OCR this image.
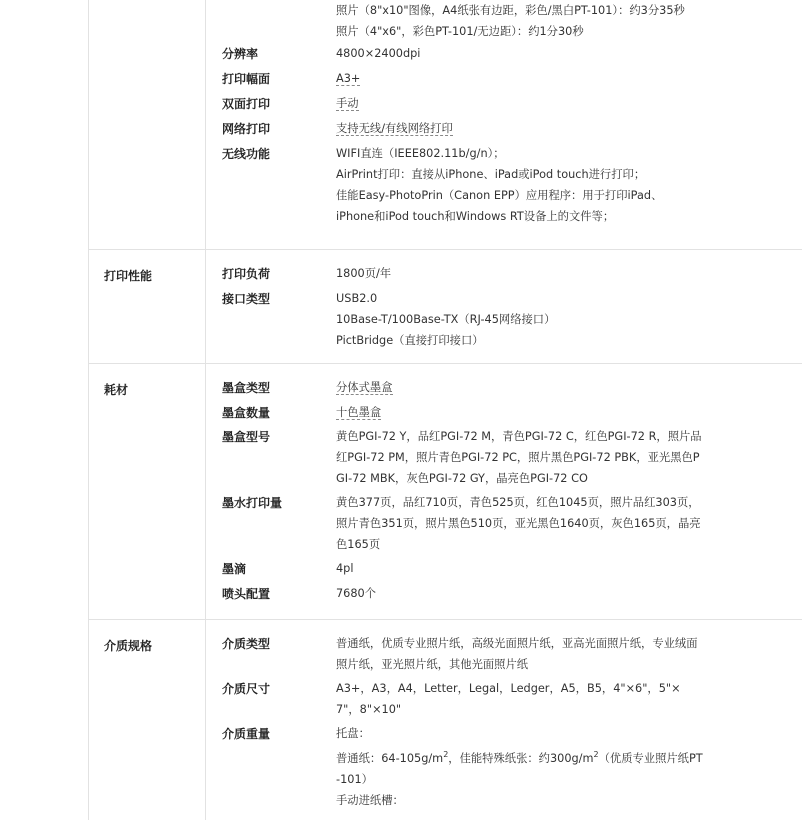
照片（8"x10"图像，A4纸张有边距，彩色/黑白PT-101）：约3分35秒
照片（4"x6"，彩色PT-101/无边距）：约1分30秒
分辨率	4800×2400dpi
打印幅面	A3+
双面打印	手动
网络打印	支持无线/有线网络打印
无线功能	WIFI直连（IEEE802.11b/g/n）；
AirPrint打印：直接从iPhone、iPad或iPod touch进行打印；
佳能Easy-PhotoPrin（Canon EPP）应用程序：用于打印iPad、
iPhone和iPod touch和Windows RT设备上的文件等；
打印性能	打印负荷	1800页/年
接口类型	USB2.0
10Base-T/100Base-TX（RJ-45网络接口）
PictBridge（直接打印接口）
耗材	墨盒类型	分体式墨盒
墨盒数量	十色墨盒
墨盒型号	黄色PGI-72 Y，品红PGI-72 M，青色PGI-72 C，红色PGI-72 R，照片品红PGI-72 PM，照片青色PGI-72 PC，照片黑色PGI-72 PBK，亚光黑色PGI-72 MBK，灰色PGI-72 GY，晶亮色PGI-72 CO
墨水打印量	黄色377页，品红710页，青色525页，红色1045页，照片品红303页，照片青色351页，照片黑色510页，亚光黑色1640页，灰色165页，晶亮色165页
墨滴	4pl
喷头配置	7680个
介质规格	介质类型	普通纸，优质专业照片纸，高级光面照片纸，亚高光面照片纸，专业绒面照片纸，亚光照片纸，其他光面照片纸
介质尺寸	A3+，A3，A4，Letter，Legal，Ledger，A5，B5，4"×6"，5"×7"，8"×10"
介质重量	托盘：
普通纸：$64-105g/m^2$，佳能特殊纸张：约$300g/m^2$（优质专业照片纸PT-101）
手动进纸槽：
